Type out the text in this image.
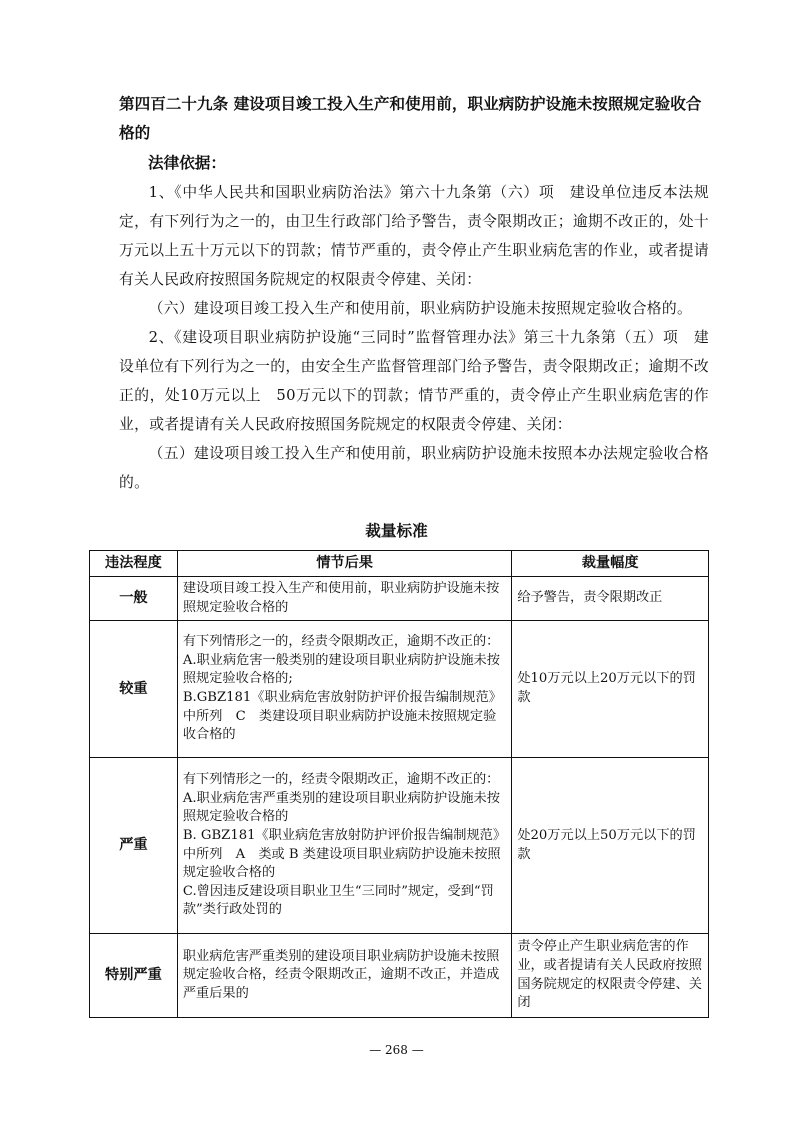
第四百二十九条 建设项目竣工投入生产和使用前，职业病防护设施未按照规定验收合格的

法律依据：

1、《中华人民共和国职业病防治法》第六十九条第（六）项　建设单位违反本法规定，有下列行为之一的，由卫生行政部门给予警告，责令限期改正；逾期不改正的，处十万元以上五十万元以下的罚款；情节严重的，责令停止产生职业病危害的作业，或者提请有关人民政府按照国务院规定的权限责令停建、关闭：

（六）建设项目竣工投入生产和使用前，职业病防护设施未按照规定验收合格的。

2、《建设项目职业病防护设施“三同时”监督管理办法》第三十九条第（五）项　建设单位有下列行为之一的，由安全生产监督管理部门给予警告，责令限期改正；逾期不改正的，处10万元以上　50万元以下的罚款；情节严重的，责令停止产生职业病危害的作业，或者提请有关人民政府按照国务院规定的权限责令停建、关闭：

（五）建设项目竣工投入生产和使用前，职业病防护设施未按照本办法规定验收合格的。

裁量标准

违法程度	情节后果	裁量幅度
一般	建设项目竣工投入生产和使用前，职业病防护设施未按照规定验收合格的	给予警告，责令限期改正
较重	有下列情形之一的，经责令限期改正，逾期不改正的：
A.职业病危害一般类别的建设项目职业病防护设施未按照规定验收合格的;
B.GBZ181《职业病危害放射防护评价报告编制规范》中所列　C　类建设项目职业病防护设施未按照规定验收合格的	处10万元以上20万元以下的罚款
严重	有下列情形之一的，经责令限期改正，逾期不改正的：
A.职业病危害严重类别的建设项目职业病防护设施未按照规定验收合格的
B. GBZ181《职业病危害放射防护评价报告编制规范》中所列　A　类或 B 类建设项目职业病防护设施未按照规定验收合格的
C.曾因违反建设项目职业卫生“三同时”规定，受到“罚款”类行政处罚的	处20万元以上50万元以下的罚款
特别严重	职业病危害严重类别的建设项目职业病防护设施未按照规定验收合格，经责令限期改正，逾期不改正，并造成严重后果的	责令停止产生职业病危害的作业，或者提请有关人民政府按照国务院规定的权限责令停建、关闭

— 268 —
